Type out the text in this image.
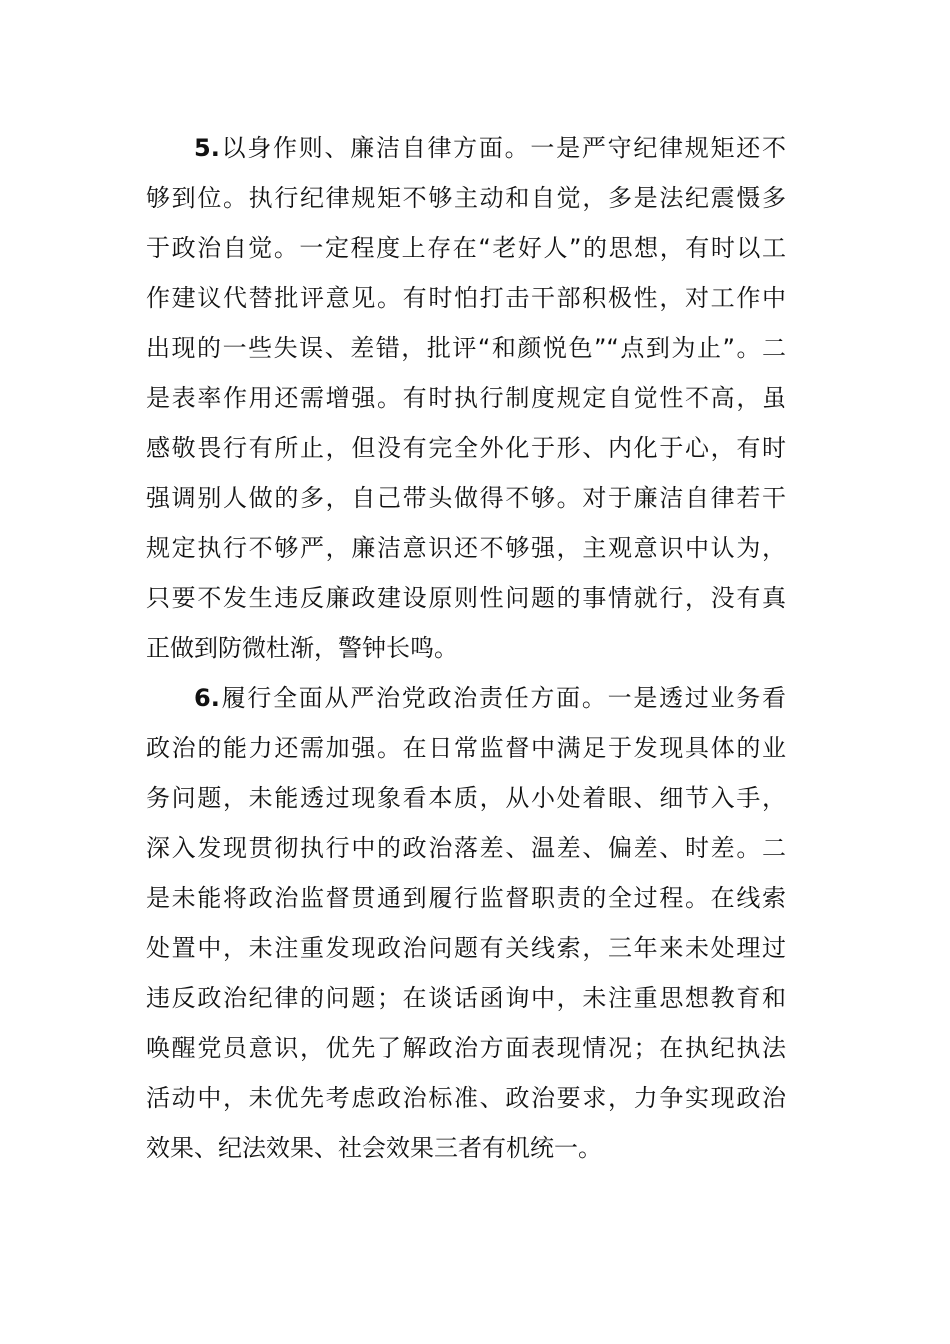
5.以身作则、廉洁自律方面。一是严守纪律规矩还不
够到位。执行纪律规矩不够主动和自觉，多是法纪震慑多
于政治自觉。一定程度上存在“老好人”的思想，有时以工
作建议代替批评意见。有时怕打击干部积极性，对工作中
出现的一些失误、差错，批评“和颜悦色”“点到为止”。二
是表率作用还需增强。有时执行制度规定自觉性不高，虽
感敬畏行有所止，但没有完全外化于形、内化于心，有时
强调别人做的多，自己带头做得不够。对于廉洁自律若干
规定执行不够严，廉洁意识还不够强，主观意识中认为，
只要不发生违反廉政建设原则性问题的事情就行，没有真
正做到防微杜渐，警钟长鸣。
6.履行全面从严治党政治责任方面。一是透过业务看
政治的能力还需加强。在日常监督中满足于发现具体的业
务问题，未能透过现象看本质，从小处着眼、细节入手，
深入发现贯彻执行中的政治落差、温差、偏差、时差。二
是未能将政治监督贯通到履行监督职责的全过程。在线索
处置中，未注重发现政治问题有关线索，三年来未处理过
违反政治纪律的问题；在谈话函询中，未注重思想教育和
唤醒党员意识，优先了解政治方面表现情况；在执纪执法
活动中，未优先考虑政治标准、政治要求，力争实现政治
效果、纪法效果、社会效果三者有机统一。
